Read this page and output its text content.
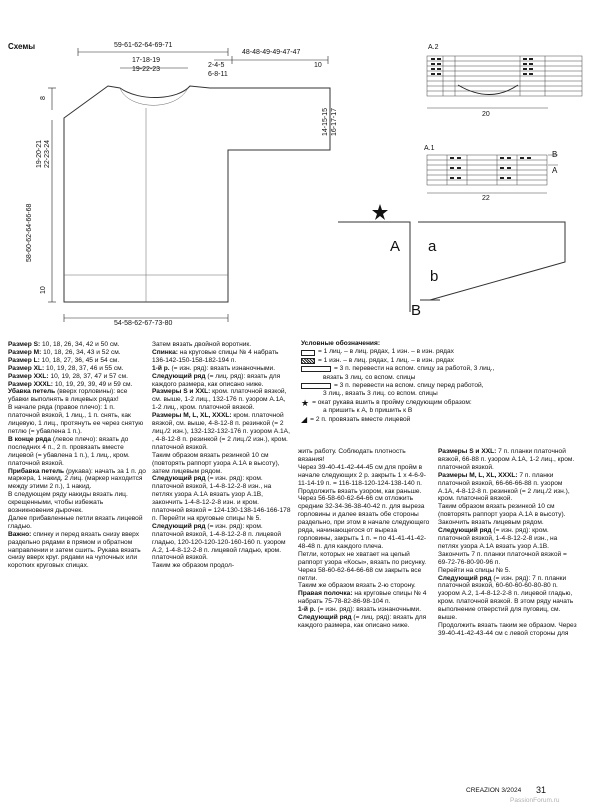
Схемы	59-61-62-64-69-71
17-18-19
19-22-23
48-48-49-49-47-47
10
2-4-5
6-8-11
8
19-20-21 22-23-24
58-60-62-64-66-68
10
14-15-15 16-17-17
54-58-62-67-73-80
A.2
20
A.1
22
B
A
A a
b
B

Размер S: 10, 18, 26, 34, 42 и 50 см.

Размер M: 10, 18, 26, 34, 43 и 52 см.

Размер L: 10, 18, 27, 36, 45 и 54 см.

Размер XL: 10, 19, 28, 37, 46 и 55 см.

Размер XXL: 10, 19, 28, 37, 47 и 57 см.

Размер XXXL: 10, 19, 29, 39, 49 и 59 см.

Убавка петель (вверх горловины): все убавки выполнять в лицевых рядах!

В начале ряда (правое плечо): 1 п. платочной вязкой, 1 лиц., 1 п. снять, как лицевую, 1 лиц., протянуть ее через снятую петлю (= убавлена 1 п.).

В конце ряда (левое плечо): вязать до последних 4 п., 2 п. провязать вместе лицевой (= убавлена 1 п.), 1 лиц., кром. платочной вязкой.

Прибавка петель (рукава): начать за 1 п. до маркера, 1 накид, 2 лиц. (маркер находится между этими 2 п.), 1 накид.

В следующем ряду накиды вязать лиц. скрещенными, чтобы избежать возникновения дырочек.

Далее прибавленные петли вязать лицевой гладью.

Важно: спинку и перед вязать снизу вверх раздельно рядами в прямом и обратном направлении и затем сшить. Рукава вязать снизу вверх круг. рядами на чулочных или коротких круговых спицах.

Затем вязать двойной воротник.

Спинка: на круговые спицы № 4 набрать 136-142-150-158-182-194 п.

1-й р. (= изн. ряд): вязать изнаночными.

Следующий ряд (= лиц. ряд): вязать для каждого размера, как описано ниже.

Размеры S и XXL: кром. платочной вязкой, см. выше, 1-2 лиц., 132-176 п. узором А.1А, 1-2 лиц., кром. платочной вязкой.

Размеры M, L, XL, XXXL: кром. платочной вязкой, см. выше, 4-8-12-8 п. резинкой (= 2 лиц./2 изн.), 132-132-132-176 п. узором А.1А, , 4-8-12-8 п. резинкой (= 2 лиц./2 изн.), кром. платочной вязкой.

Таким образом вязать резинкой 10 см (повторять раппорт узора А.1А в высоту), затем лицевым рядом.

Следующий ряд (= изн. ряд): кром. платочной вязкой, 1-4-8-12-2-8 изн., на петлях узора А.1А вязать узор А.1В, закончить 1-4-8-12-2-8 изн. и кром. платочной вязкой = 124-130-138-146-166-178 п. Перейти на круговые спицы № 5.

Следующий ряд (= изн. ряд): кром. платочной вязкой, 1-4-8-12-2-8 п. лицевой гладью, 120-120-120-120-160-160 п. узором А.2, 1-4-8-12-2-8 п. лицевой гладью, кром. платочной вязкой.

Таким же образом продол-

жить работу. Соблюдать плотность вязания!

Через 39-40-41-42-44-45 см для пройм в начале следующих 2 р. закрыть 1 х 4-6-9-11-14-19 п. = 116-118-120-124-138-140 п. Продолжить вязать узором, как раньше.

Через 56-58-60-62-64-66 см отложить средние 32-34-36-38-40-42 п. для выреза горловины и далее вязать обе стороны раздельно, при этом в начале следующего ряда, начинающегося от выреза горловины, закрыть 1 п. = по 41-41-41-42-48-48 п. для каждого плеча.

Петли, которых не хватает на целый раппорт узора «Косы», вязать по рисунку.

Через 58-60-62-64-66-68 см закрыть все петли.

Таким же образом вязать 2-ю сторону.

Правая полочка: на круговые спицы № 4 набрать 75-78-82-86-98-104 п.

1-й р. (= изн. ряд): вязать изнаночными.

Следующий ряд (= лиц. ряд): вязать для каждого размера, как описано ниже.

Размеры S и XXL: 7 п. планки платочной вязкой, 66-88 п. узором А.1А, 1-2 лиц., кром. платочной вязкой.

Размеры M, L, XL, XXXL: 7 п. планки платочной вязкой, 66-66-66-88 п. узором А.1А, 4-8-12-8 п. резинкой (= 2 лиц./2 изн.), кром. платочной вязкой.

Таким образом вязать резинкой 10 см (повторять раппорт узора А.1А в высоту). Закончить вязать лицевым рядом.

Следующий ряд (= изн. ряд): кром. платочной вязкой, 1-4-8-12-2-8 изн., на петлях узора А.1А вязать узор А.1В. Закончить 7 п. планки платочной вязкой = 69-72-76-80-90-96 п.

Перейти на спицы № 5.

Следующий ряд (= изн. ряд): 7 п. планки платочной вязкой, 60-60-60-60-80-80 п. узором А.2, 1-4-8-12-2-8 п. лицевой гладью, кром. платочной вязкой. В этом ряду начать выполнение отверстий для пуговиц, см. выше.

Продолжить вязать таким же образом. Через 39-40-41-42-43-44 см с левой стороны для

Условные обозначения:
= 1 лиц. – в лиц. рядах, 1 изн. – в изн. рядах
= 1 изн. – в лиц. рядах, 1 лиц. – в изн. рядах
= 3 п. перевести на вспом. спицу за работой, 3 лиц.,
вязать 3 лиц. со вспом. спицы
= 3 п. перевести на вспом. спицу перед работой,
3 лиц., вязать 3 лиц. со вспом. спицы
★ = окат рукава вшить в пройму следующим образом:
а пришить к А, b пришить к В
◢ = 2 п. провязать вместе лицевой
CREAZION 3/2024 31
PassionForum.ru
